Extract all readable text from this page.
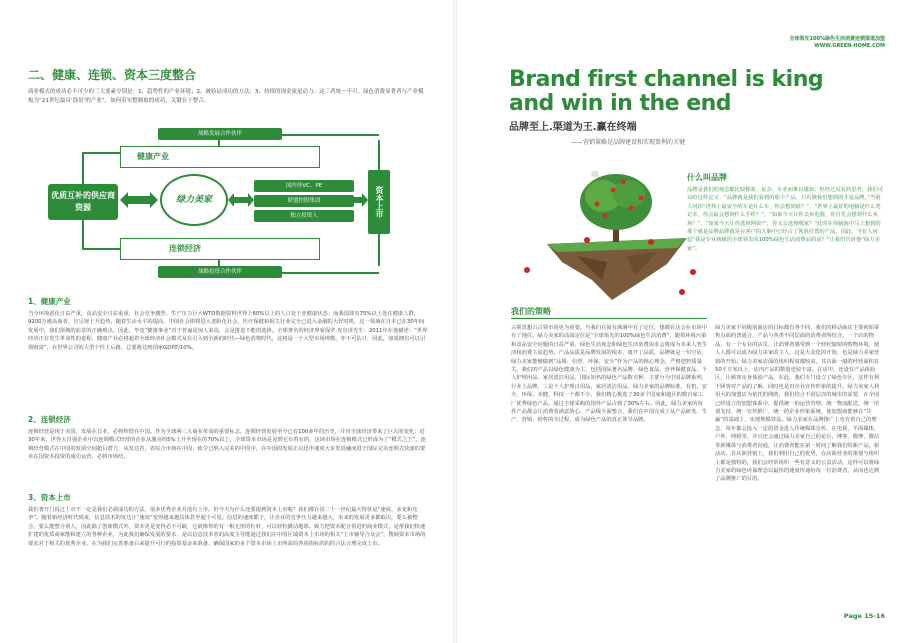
二、健康、连锁、资本三度整合
商业模式的成功必不可少的三大要素分别是：1、趋势性的产业环境；2、被验证成功的方法；3、持续的现金流更动力。这三者统一不可。绿色消费显著者与产业模板为“21世纪最具‘钱景’的产业”，如何着实整制取的成功，关键在于整合。
战略发展合作伙伴
健康产业
优质互补的供应商资源
绿力美家
国内外VC、PE
联盟控股集团
独立投资人	资本上市
连锁经济
战略投资合作伙伴
1、健康产业
当今环境恶化日益严重，食品安全日益重重，社会竞争激烈、生产压力巨大WTO数据资料世界上60%以上的人口处于亚健康状态；而我国却有75%以上处在健康人群，9200万被高血者，且呈现上升趋势。随着生活水平的提高，中国社会即将进入老龄化社会，医疗保健和相关行业完全已进入金融的大好时机，这一领域在日本已在30年间发展中，我们预期的前景的正确观点。因此，毕竟“健康事业”对于普遍是惊人来说，会是推进不能的选择。全球著名的经济界家保罗·皮尔泽先生：2011年在他描述：“世界经济正在发生革命性的进程，健康产业必将超着全球经济社会模式及在引入到全新的时代—绿色消费时代，这将是一个大型市场规模，亦不可估计，因此，如果拥有可以引领财富”，在世界公司的大型个性上后路，总要将达到国家GDP的10%。
2、连锁经济
连锁经营是现于美国，发展在日本，必将辉煌在中国。作为全球两三大商业革命的重要标志，连锁经营发展至今已有100多年的历史，并对全球经济带来了巨大的变化；近30年来，世界五百强企业中以连锁模式经营的企业从激亮的5%上升至现在的70%以上，全球资本市场是见到它有着有的，这场市场在连锁模式已形成为了“模式之王”。连锁经营模式在中国的发展空间超目潜力，从发达省、省综合市场在中国，政令已纳入完美的中国中，在中国的发展正以迅申速度大步发进融而进于国际完美连锁式快速的要求在国资本投资的成功运营，必将市场结。
3、资本上市
我们著开门说过上市不一定是我们必须成功的方法，很多优秀企业并没有上市。但今天为什么还要提到资本上市呢？我们都在同二十一世纪最大特征是“速度、多变和竞争”。随着新经济时代到来，信息技术的发达让“速度”变得越来越具体甚至超于可见。信息的速度都于，让企业的竞争压力越来越大，未来的发展更多都取决，要么被整合，要么能整合别人，因此除了创新模式外，资本更是变得必不可缺，它就像你的有一根无形的杠杆，可以轻松撬动地球。致力把资本配合着进的商业模式，是帮我们快速扩建的优质商家能和建立的各种企业，为此我们确保发展的要求，是以信息技术者的高度主导能通过我们在中国区域资本上市场的相关“上市辅导合众会”，搜商资本市场的要求对于相关的优秀企业，在为我们完善准备后来提升可行的投资基金来准备，确保国家的多个资本市场上市所需的各项指标的的的合法合理完成上市。
全球领先100%绿色生活消费连锁渠道加盟
WWW.GREEN-HOME.COM
Brand first channel is king and win in the end
品牌至上.渠道为王.赢在终端
——营销策略是品牌建设和实现盈利的关键
什么叫品牌
品牌是我们的观念都比较独象、复杂、专业而难以感知；但经过反复的思考，我们可以给这样定义：“品牌就是我们看到的那个产品，只有被我们想到的才是品牌。”当别人问你“世界上最安全的车是什么车，你会想到谁？”，“世界上最好的电脑是什么笔记本，你会最会想到什么手机？”，“如果今天让你去卖电器，你首先会想到什么卖场？”，“如果今天让你选择网资产，你又会选择哪家？”此时在你脑海中马上想到的那个就是品牌品牌就是在客户的大脑中已经占了领准位置的产品。因此，当有人问起“我是专业初级的全球领先的100%绿色生活消费品的话？”让我们告诉他“绿力美家”。
我们的策略
占领思想占占领市场更为重要。当我们在简有满满中有了定位，想都在这会在市场中有了地位。绿力美家的高端定位是“全球领先的100%绿色生活消费”，随着环境污染和食品安全问题的日益严重，绿色生活观念和绿色生活消费需求会将成为未来人类生活和消费主流趋势。产品品质是品牌发展的根本，离开了品质，品牌就是一句空话，绿力美家能够做到“品质、信誉、环保、安全”作为产品的核心理念，严格把控质量关。我们的产品以绿色健康为主，包括国际著名品牌、绿色食品、营养保健食品、个人护理用品、家居清洁用品，国际知名的绿色产品数百种，主要分为中国品牌系列，行业上品牌，三是个人护理日用品，家居清洁用品。绿力美家的品牌标准，有机，安全，环保，美健，科技一个都不少，我们精心挑选了30多个国家和地区的数百家工厂优秀绿色产品，通过全球采购的国外产品占到了30%左右。因此，绿力美家的每件产品都会让消费者满意放心。产品线全面整合，我们在中国完成了从产品研发、生产、营销、销售的全过程，成为绿色产品的真正领导品牌。
绿力美家不同级别商店的目标都有各不同，我们的移动商店主要初始零售点面的普通合，产品与各类不同层面的消费者所结合。一个店的物品，有一个专业的店员，让消费者感受到一个轻松愉快的购物环境，使人人都可以成为绿力美家的主人，这是大众化的开始，也是绿力美家营销的开始。绿力美家店面的组织程度都较高，其店面一般的经营面积在50平方米以上，店内产品的数量也较丰富。在店中，还设有产品体验区，让顾客亲身体验产品，在此，我们专门设立了绿色专区，这样有利于顾客对产品的了解，同时也是对企业宣传形象的提升。绿力美家人利用大的加盟店为依托的网络，我们结合不同层次的城市的需要，在全国已经设立的加盟体系中，提供统一的运营管理，统一物流配送，统一培训支持，统一宣传推广，统一的企业形象系统，使加盟商能够在“共赢”的基础上，实现规模效益。绿力美家在品牌推广上也有着自己的理念，每年都会投入一定的资金进入传统媒体宣传，在电视，平面媒体，户外，网络等，并且还会通过绿力美家自己的论坛，博客，微博，微信等新媒体与消费者沟通，让消费者能在第一时间了解我们的新产品，新活动。在店面营销上，我们利用自己的优势，在店面营业的策划与组织上都是独特的，我们会经常组织一些有意义的公益活动，这样可以将绿力美家的绿色环保理念以最快的速度传递给每一位消费者，从而也达到了品牌推广的目的。
Page 15-16
